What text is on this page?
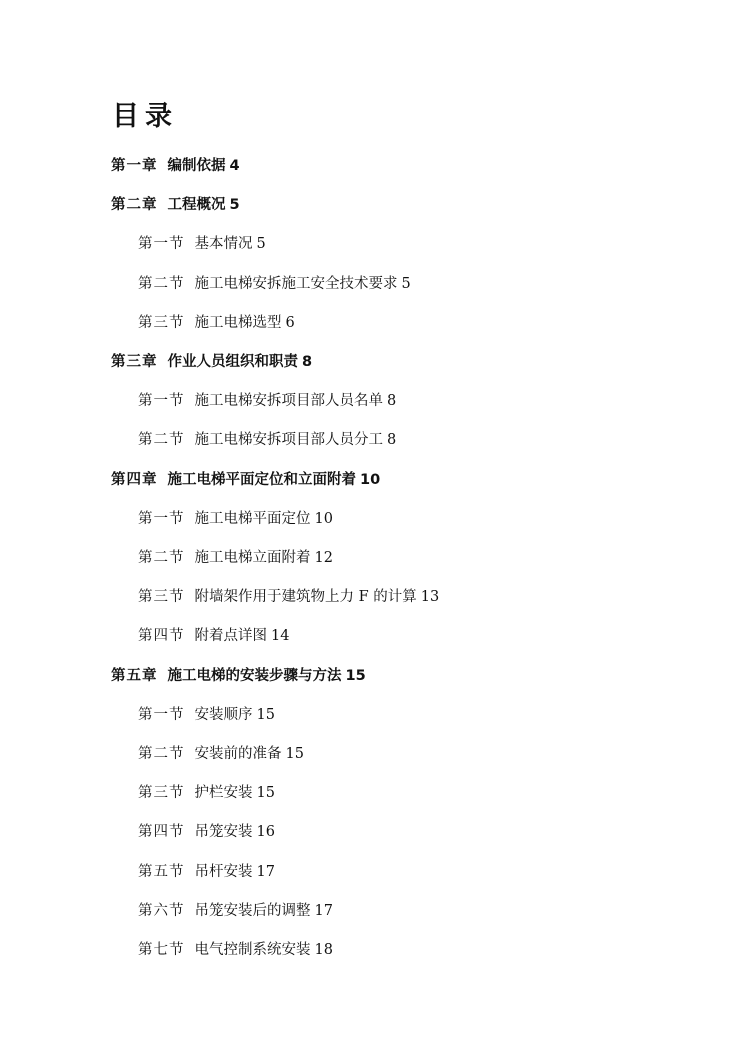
目录
第一章 编制依据 4
第二章 工程概况 5
第一节 基本情况 5
第二节 施工电梯安拆施工安全技术要求 5
第三节 施工电梯选型 6
第三章 作业人员组织和职责 8
第一节 施工电梯安拆项目部人员名单 8
第二节 施工电梯安拆项目部人员分工 8
第四章 施工电梯平面定位和立面附着 10
第一节 施工电梯平面定位 10
第二节 施工电梯立面附着 12
第三节 附墙架作用于建筑物上力 F 的计算 13
第四节 附着点详图 14
第五章 施工电梯的安装步骤与方法 15
第一节 安装顺序 15
第二节 安装前的准备 15
第三节 护栏安装 15
第四节 吊笼安装 16
第五节 吊杆安装 17
第六节 吊笼安装后的调整 17
第七节 电气控制系统安装 18
